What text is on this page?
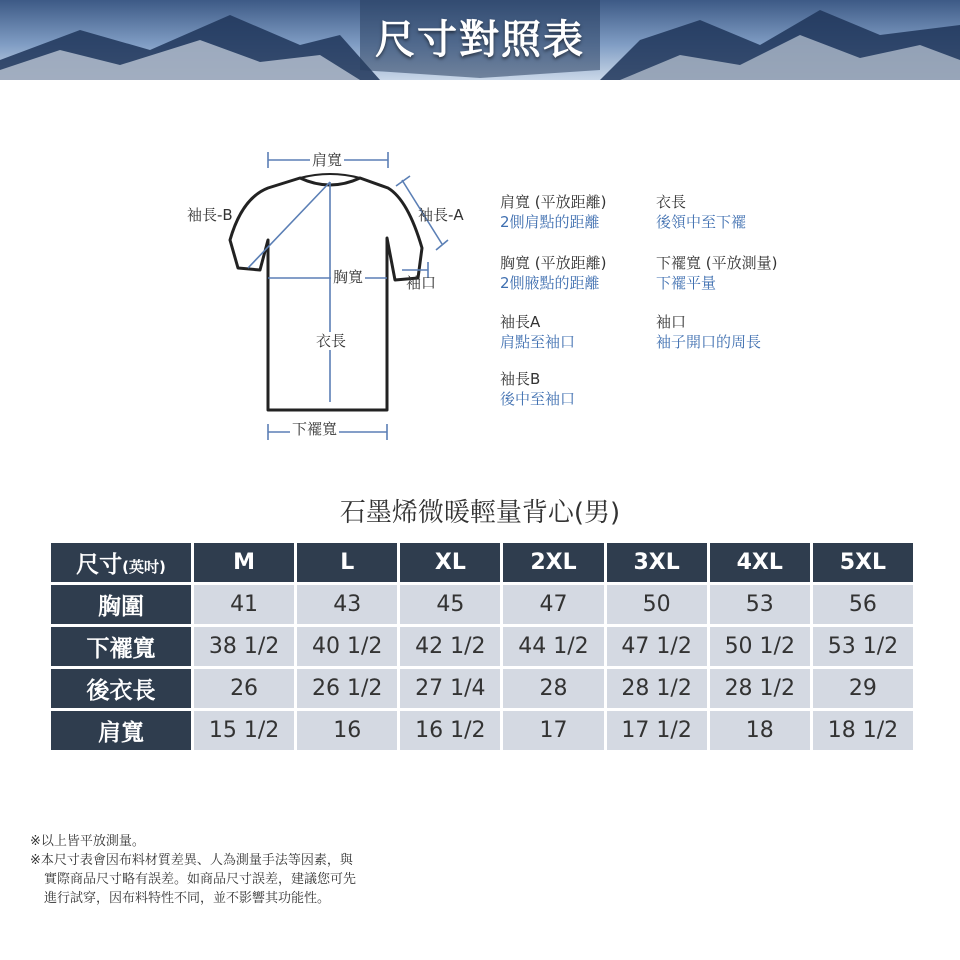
尺寸對照表
肩寬
袖長-B	袖長-A
胸寬	袖口
衣長
下襬寬
肩寬 (平放距離)
2側肩點的距離
衣長
後領中至下襬
胸寬 (平放距離)
2側腋點的距離
下襬寬 (平放測量)
下襬平量
袖長A
肩點至袖口
袖口
袖子開口的周長
袖長B
後中至袖口
石墨烯微暖輕量背心(男)
尺寸(英吋)	M	L	XL	2XL	3XL	4XL	5XL
胸圍	41	43	45	47	50	53	56
下襬寬	38 1/2	40 1/2	42 1/2	44 1/2	47 1/2	50 1/2	53 1/2
後衣長	26	26 1/2	27 1/4	28	28 1/2	28 1/2	29
肩寬	15 1/2	16	16 1/2	17	17 1/2	18	18 1/2
※以上皆平放測量。
※本尺寸表會因布料材質差異、人為測量手法等因素，與
實際商品尺寸略有誤差。如商品尺寸誤差，建議您可先
進行試穿，因布料特性不同，並不影響其功能性。
